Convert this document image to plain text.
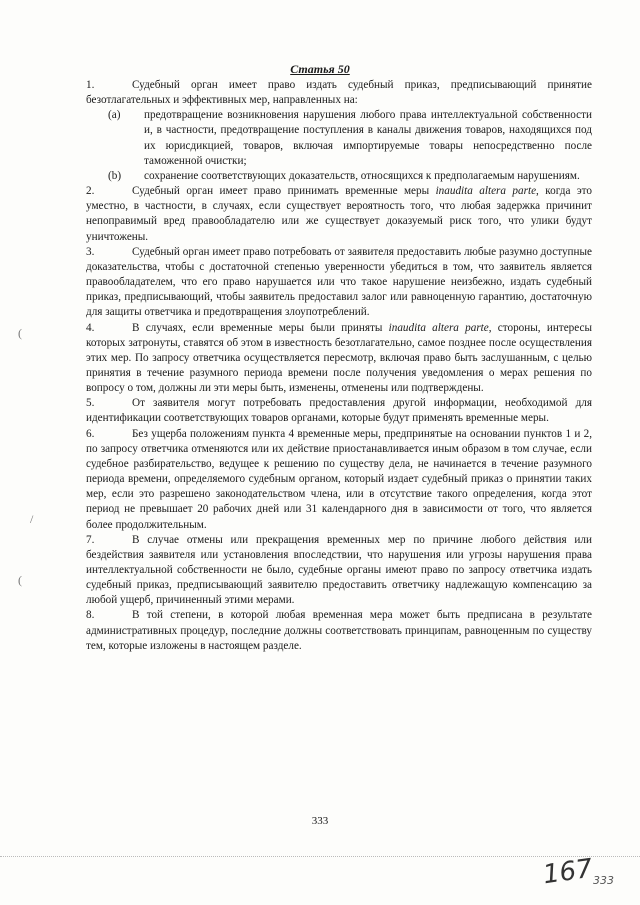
Статья 50

1.	Судебный орган имеет право издать судебный приказ, предписывающий принятие безотлагательных и эффективных мер, направленных на:

(a)	предотвращение возникновения нарушения любого права интеллектуальной собственности и, в частности, предотвращение поступления в каналы движения товаров, находящихся под их юрисдикцией, товаров, включая импортируемые товары непосредственно после таможенной очистки;
(b)	сохранение соответствующих доказательств, относящихся к предполагаемым нарушениям.

2.	Судебный орган имеет право принимать временные меры inaudita altera parte, когда это уместно, в частности, в случаях, если существует вероятность того, что любая задержка причинит непоправимый вред правообладателю или же существует доказуемый риск того, что улики будут уничтожены.

3.	Судебный орган имеет право потребовать от заявителя предоставить любые разумно доступные доказательства, чтобы с достаточной степенью уверенности убедиться в том, что заявитель является правообладателем, что его право нарушается или что такое нарушение неизбежно, издать судебный приказ, предписывающий, чтобы заявитель предоставил залог или равноценную гарантию, достаточную для защиты ответчика и предотвращения злоупотреблений.

4.	В случаях, если временные меры были приняты inaudita altera parte, стороны, интересы которых затронуты, ставятся об этом в известность безотлагательно, самое позднее после осуществления этих мер. По запросу ответчика осуществляется пересмотр, включая право быть заслушанным, с целью принятия в течение разумного периода времени после получения уведомления о мерах решения по вопросу о том, должны ли эти меры быть, изменены, отменены или подтверждены.

5.	От заявителя могут потребовать предоставления другой информации, необходимой для идентификации соответствующих товаров органами, которые будут применять временные меры.

6.	Без ущерба положениям пункта 4 временные меры, предпринятые на основании пунктов 1 и 2, по запросу ответчика отменяются или их действие приостанавливается иным образом в том случае, если судебное разбирательство, ведущее к решению по существу дела, не начинается в течение разумного периода времени, определяемого судебным органом, который издает судебный приказ о принятии таких мер, если это разрешено законодательством члена, или в отсутствие такого определения, когда этот период не превышает 20 рабочих дней или 31 календарного дня в зависимости от того, что является более продолжительным.

7.	В случае отмены или прекращения временных мер по причине любого действия или бездействия заявителя или установления впоследствии, что нарушения или угрозы нарушения права интеллектуальной собственности не было, судебные органы имеют право по запросу ответчика издать судебный приказ, предписывающий заявителю предоставить ответчику надлежащую компенсацию за любой ущерб, причиненный этими мерами.

8.	В той степени, в которой любая временная мера может быть предписана в результате административных процедур, последние должны соответствовать принципам, равноценным по существу тем, которые изложены в настоящем разделе.

333
(
/
(
167333
